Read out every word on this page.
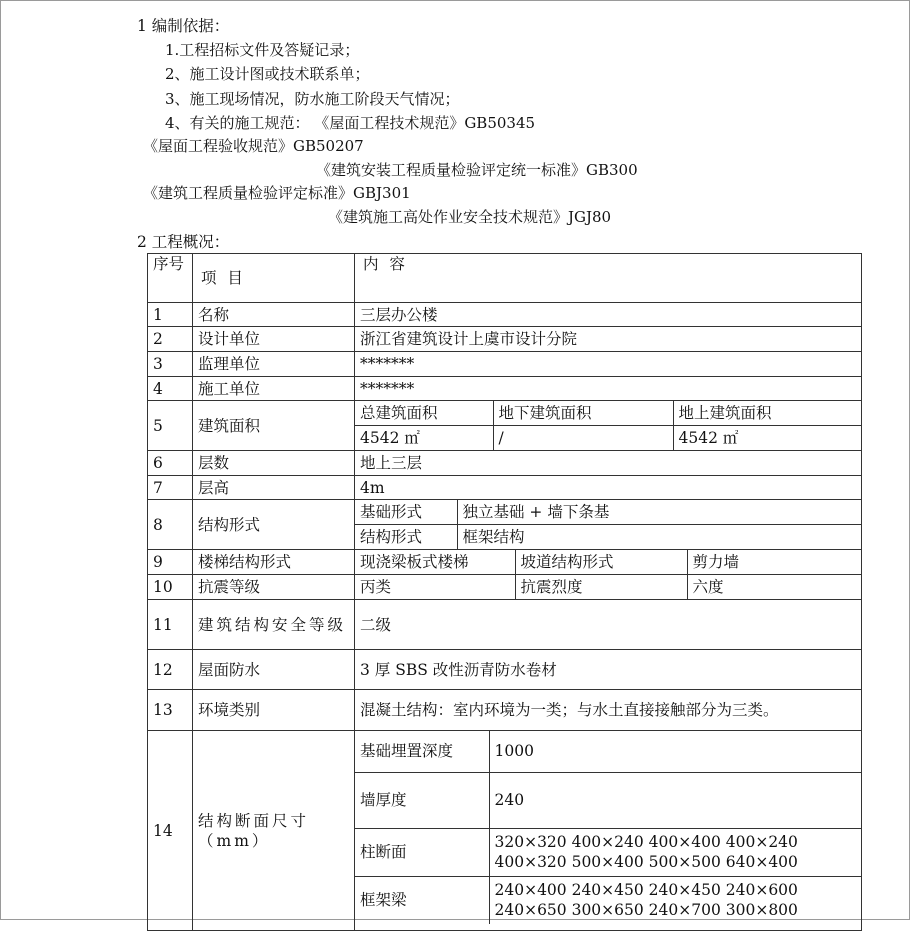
1 编制依据：
1.工程招标文件及答疑记录；
2、施工设计图或技术联系单；
3、施工现场情况，防水施工阶段天气情况；
4、有关的施工规范： 《屋面工程技术规范》GB50345
《屋面工程验收规范》GB50207
《建筑安装工程质量检验评定统一标准》GB300
《建筑工程质量检验评定标准》GBJ301
《建筑施工高处作业安全技术规范》JGJ80
2 工程概况：
序号	项 目	内 容
1	名称	三层办公楼
2	设计单位	浙江省建筑设计上虞市设计分院
3	监理单位	*******
4	施工单位	*******
5	建筑面积	
总建筑面积	地下建筑面积	地上建筑面积
4542 ㎡	/	4542 ㎡

6	层数	地上三层
7	层高	4m
8	结构形式	
基础形式	独立基础 + 墙下条基
结构形式	框架结构

9	楼梯结构形式		现浇梁板式楼梯	坡道结构形式	剪力墙

10	抗震等级		丙类	抗震烈度	六度

11	建筑结构安全等级	二级
12	屋面防水	3 厚 SBS 改性沥青防水卷材
13	环境类别	混凝土结构：室内环境为一类；与水土直接接触部分为三类。
14	结构断面尺寸（mm）	
基础埋置深度	1000
墙厚度	240
柱断面	320×320 400×240 400×400 400×240 400×320 500×400 500×500 640×400
框架梁	240×400 240×450 240×450 240×600 240×650 300×650 240×700 300×800
